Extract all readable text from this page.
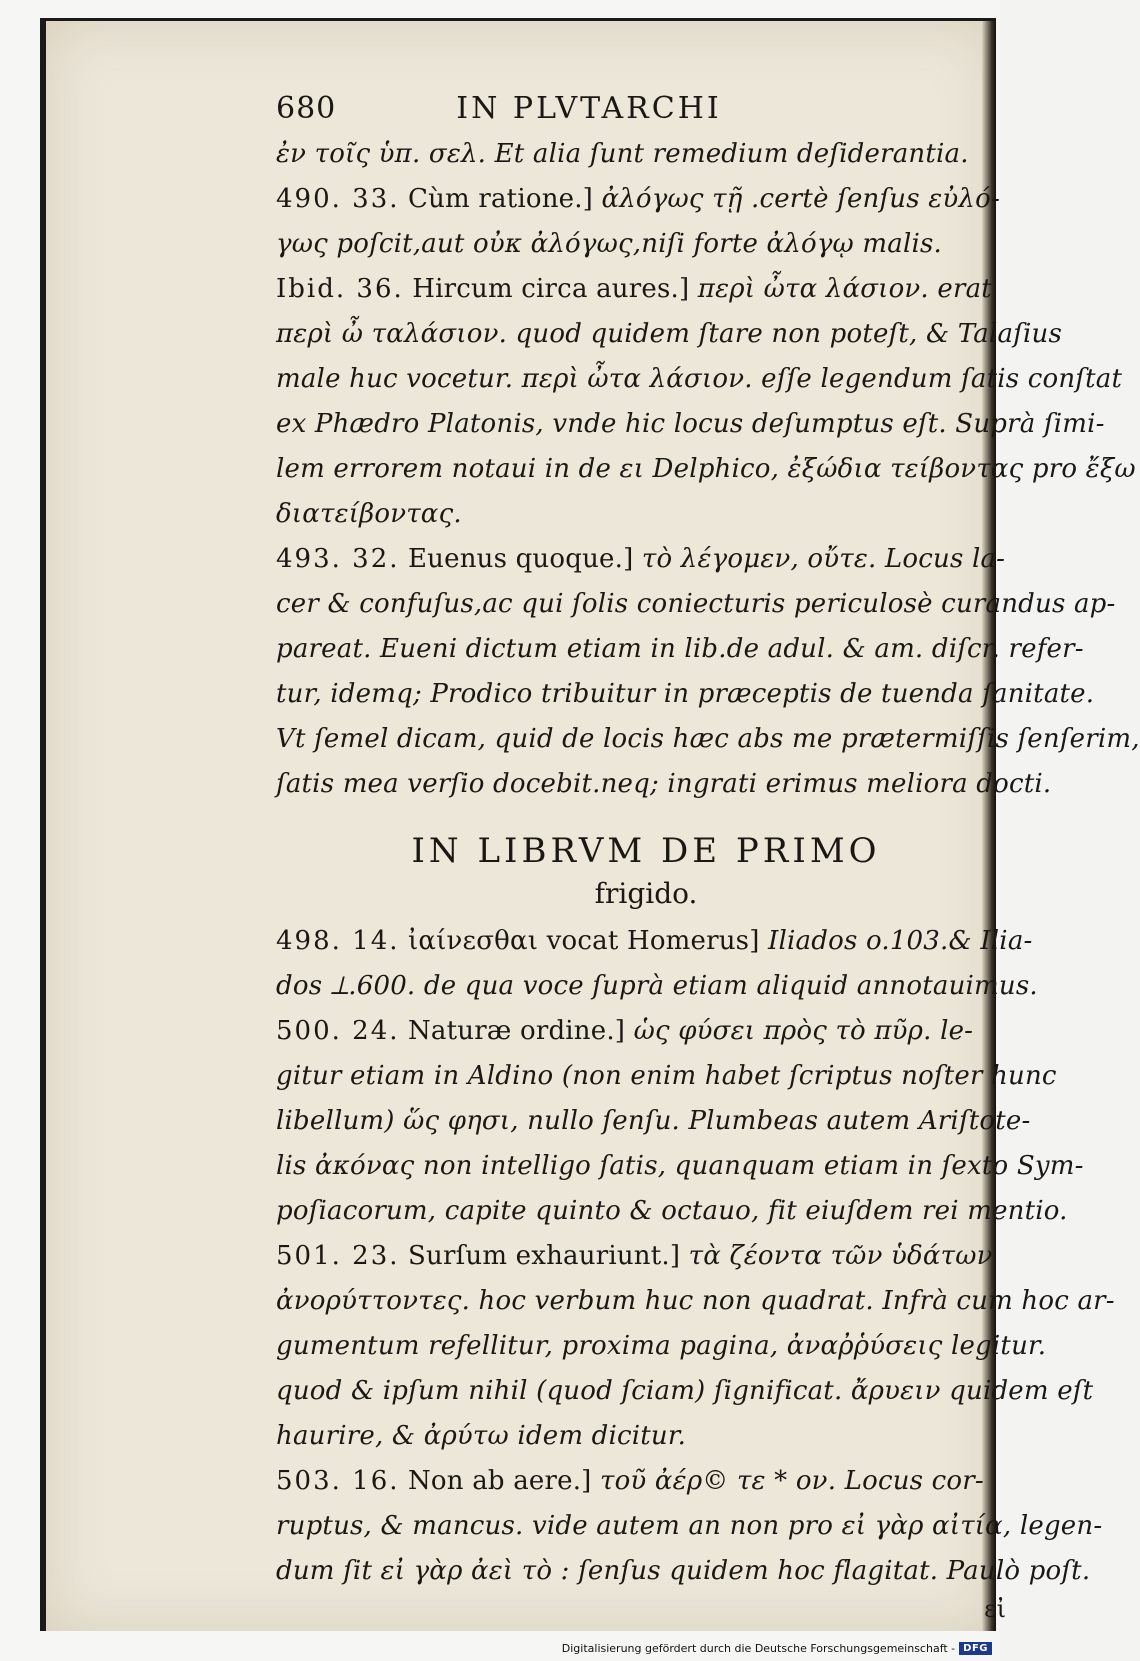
680	IN PLVTARCHI
ἐν τοῖς ὑπ. σελ. Et alia ſunt remedium deſiderantia.
490. 33. Cùm ratione.] ἀλόγως τῇ .certè ſenſus εὐλό-
γως poſcit,aut οὐκ ἀλόγως,niſi forte ἀλόγῳ malis.
Ibid. 36. Hircum circa aures.] περὶ ὦτα λάσιον. erat
περὶ ὦ ταλάσιον. quod quidem ſtare non poteſt, & Talaſius
male huc vocetur. περὶ ὦτα λάσιον. eſſe legendum ſatis conſtat
ex Phædro Platonis, vnde hic locus deſumptus eſt. Suprà ſimi-
lem errorem notaui in de ει Delphico, ἐξώδια τείβοντας pro ἔξω
διατείβοντας.
493. 32. Euenus quoque.] τὸ λέγομεν, οὔτε. Locus la-
cer & confuſus,ac qui ſolis coniecturis periculosè curandus ap-
pareat. Eueni dictum etiam in lib.de adul. & am. diſcr. refer-
tur, idemq; Prodico tribuitur in præceptis de tuenda ſanitate.
Vt ſemel dicam, quid de locis hæc abs me prætermiſſis ſenſerim,
ſatis mea verſio docebit.neq; ingrati erimus meliora docti.
IN LIBRVM DE PRIMO
frigido.
498. 14. ἰαίνεσθαι vocat Homerus] Iliados o.103.& Ilia-
dos ⟂.600. de qua voce ſuprà etiam aliquid annotauimus.
500. 24. Naturæ ordine.] ὡς φύσει πρὸς τὸ πῦρ. le-
gitur etiam in Aldino (non enim habet ſcriptus noſter hunc
libellum) ὥς φησι, nullo ſenſu. Plumbeas autem Ariſtote-
lis ἀκόνας non intelligo ſatis, quanquam etiam in ſexto Sym-
poſiacorum, capite quinto & octauo, fit eiuſdem rei mentio.
501. 23. Surſum exhauriunt.] τὰ ζέοντα τῶν ὑδάτων
ἀνορύττοντες. hoc verbum huc non quadrat. Infrà cum hoc ar-
gumentum refellitur, proxima pagina, ἀναῤῥύσεις legitur.
quod & ipſum nihil (quod ſciam) ſignificat. ἄρυειν quidem eſt
haurire, & ἀρύτω idem dicitur.
503. 16. Non ab aere.] τοῦ ἀέρ© τε * ον. Locus cor-
ruptus, & mancus. vide autem an non pro εἰ γὰρ αἰτία, legen-
dum ſit εἰ γὰρ ἀεὶ τὸ : ſenſus quidem hoc flagitat. Paulò poſt.
εἰ
Digitalisierung gefördert durch die Deutsche Forschungsgemeinschaft - DFG
